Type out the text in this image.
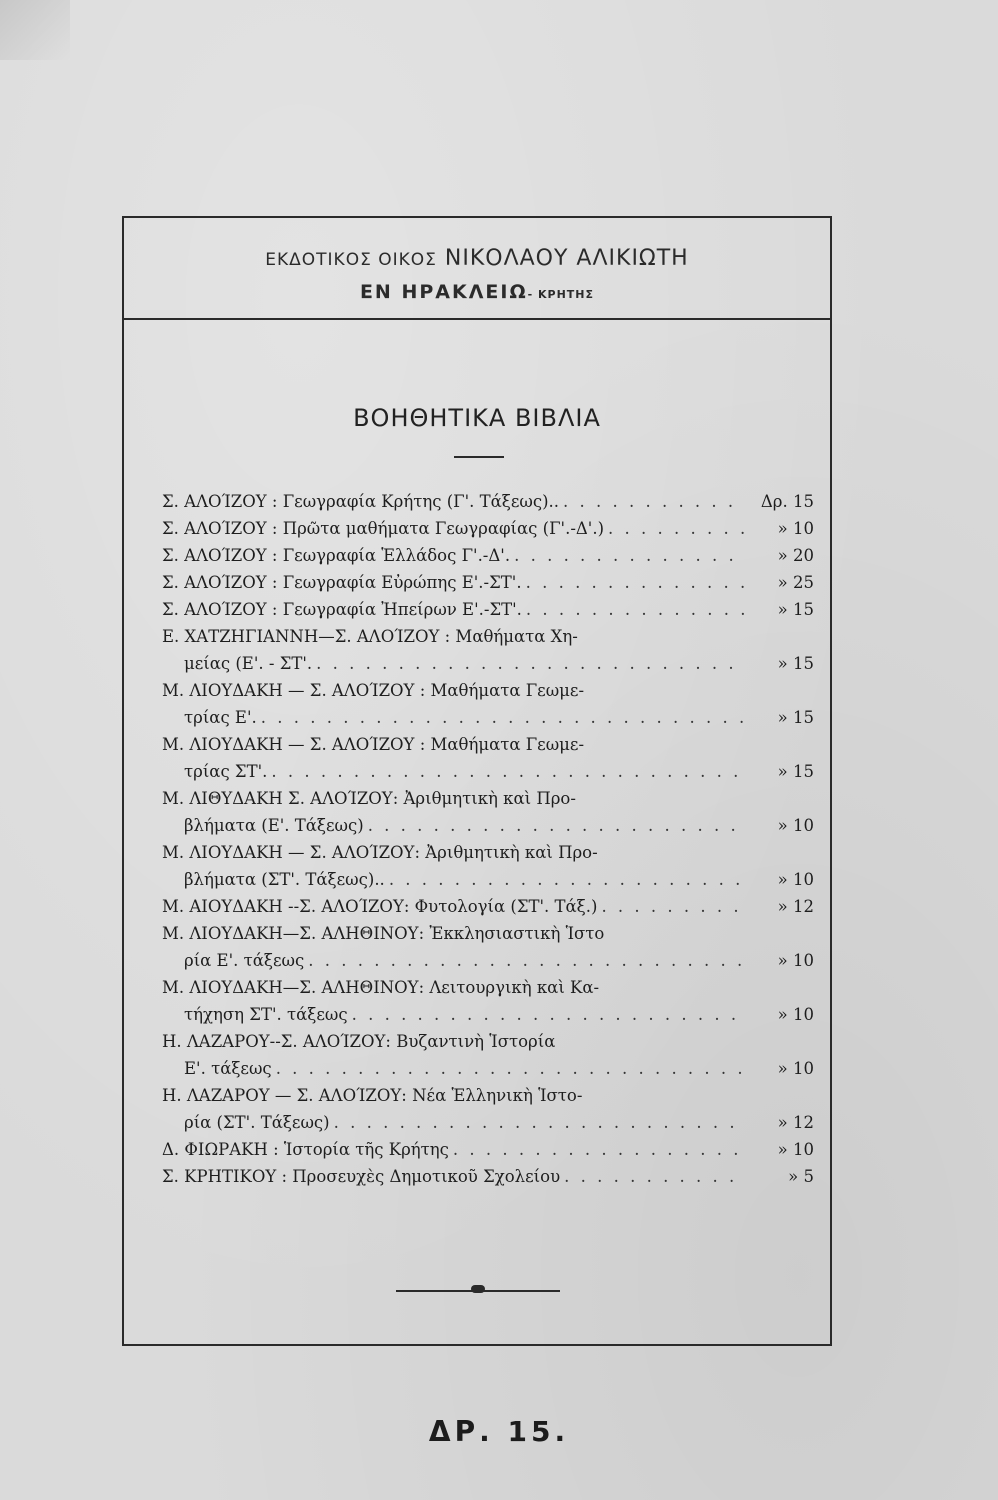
ΕΚΔΟΤΙΚΟΣ ΟΙΚΟΣ ΝΙΚΟΛΑΟΥ ΑΛΙΚΙΩΤΗ
ΕΝ ΗΡΑΚΛΕΙΩ- ΚΡΗΤΗΣ
ΒΟΗΘΗΤΙΚΑ ΒΙΒΛΙΑ
Σ. ΑΛΟΊΖΟΥ : Γεωγραφία Κρήτης (Γ'. Τάξεως).. . . .	Δρ. 15
Σ. ΑΛΟΊΖΟΥ : Πρῶτα μαθήματα Γεωγραφίας (Γ'.-Δ'.) . . .	» 10
Σ. ΑΛΟΊΖΟΥ : Γεωγραφία Ἑλλάδος Γ'.-Δ'. . . .	» 20
Σ. ΑΛΟΊΖΟΥ : Γεωγραφία Εὐρώπης Ε'.-ΣΤ'. . . .	» 25
Σ. ΑΛΟΊΖΟΥ : Γεωγραφία Ἠπείρων Ε'.-ΣΤ'. . . .	» 15
Ε. ΧΑΤΖΗΓΙΑΝΝΗ—Σ. ΑΛΟΊΖΟΥ : Μαθήματα Χη-
μείας (Ε'. - ΣΤ'. . . .	» 15
Μ. ΛΙΟΥΔΑΚΗ — Σ. ΑΛΟΊΖΟΥ : Μαθήματα Γεωμε-
τρίας Ε'. . . .	» 15
Μ. ΛΙΟΥΔΑΚΗ — Σ. ΑΛΟΊΖΟΥ : Μαθήματα Γεωμε-
τρίας ΣΤ'. . . .	» 15
Μ. ΛΙΘΥΔΑΚΗ Σ. ΑΛΟΊΖΟΥ: Ἀριθμητικὴ καὶ Προ-
βλήματα (Ε'. Τάξεως) . . .	» 10
Μ. ΛΙΟΥΔΑΚΗ — Σ. ΑΛΟΊΖΟΥ: Ἀριθμητικὴ καὶ Προ-
βλήματα (ΣΤ'. Τάξεως).. . . .	» 10
Μ. ΑΙΟΥΔΑΚΗ --Σ. ΑΛΟΊΖΟΥ: Φυτολογία (ΣΤ'. Τάξ.) . . .	» 12
Μ. ΛΙΟΥΔΑΚΗ—Σ. ΑΛΗΘΙΝΟΥ: Ἐκκλησιαστικὴ Ἱστο
ρία Ε'. τάξεως . . .	» 10
Μ. ΛΙΟΥΔΑΚΗ—Σ. ΑΛΗΘΙΝΟΥ: Λειτουργικὴ καὶ Κα-
τήχηση ΣΤ'. τάξεως . . .	» 10
Η. ΛΑΖΑΡΟΥ--Σ. ΑΛΟΊΖΟΥ: Βυζαντινὴ Ἱστορία
Ε'. τάξεως . . .	» 10
Η. ΛΑΖΑΡΟΥ — Σ. ΑΛΟΊΖΟΥ: Νέα Ἑλληνικὴ Ἱστο-
ρία (ΣΤ'. Τάξεως) . . .	» 12
Δ. ΦΙΩΡΑΚΗ : Ἱστορία τῆς Κρήτης . . .	» 10
Σ. ΚΡΗΤΙΚΟΥ : Προσευχὲς Δημοτικοῦ Σχολείου . . .	» 5
ΔΡ. 15.
